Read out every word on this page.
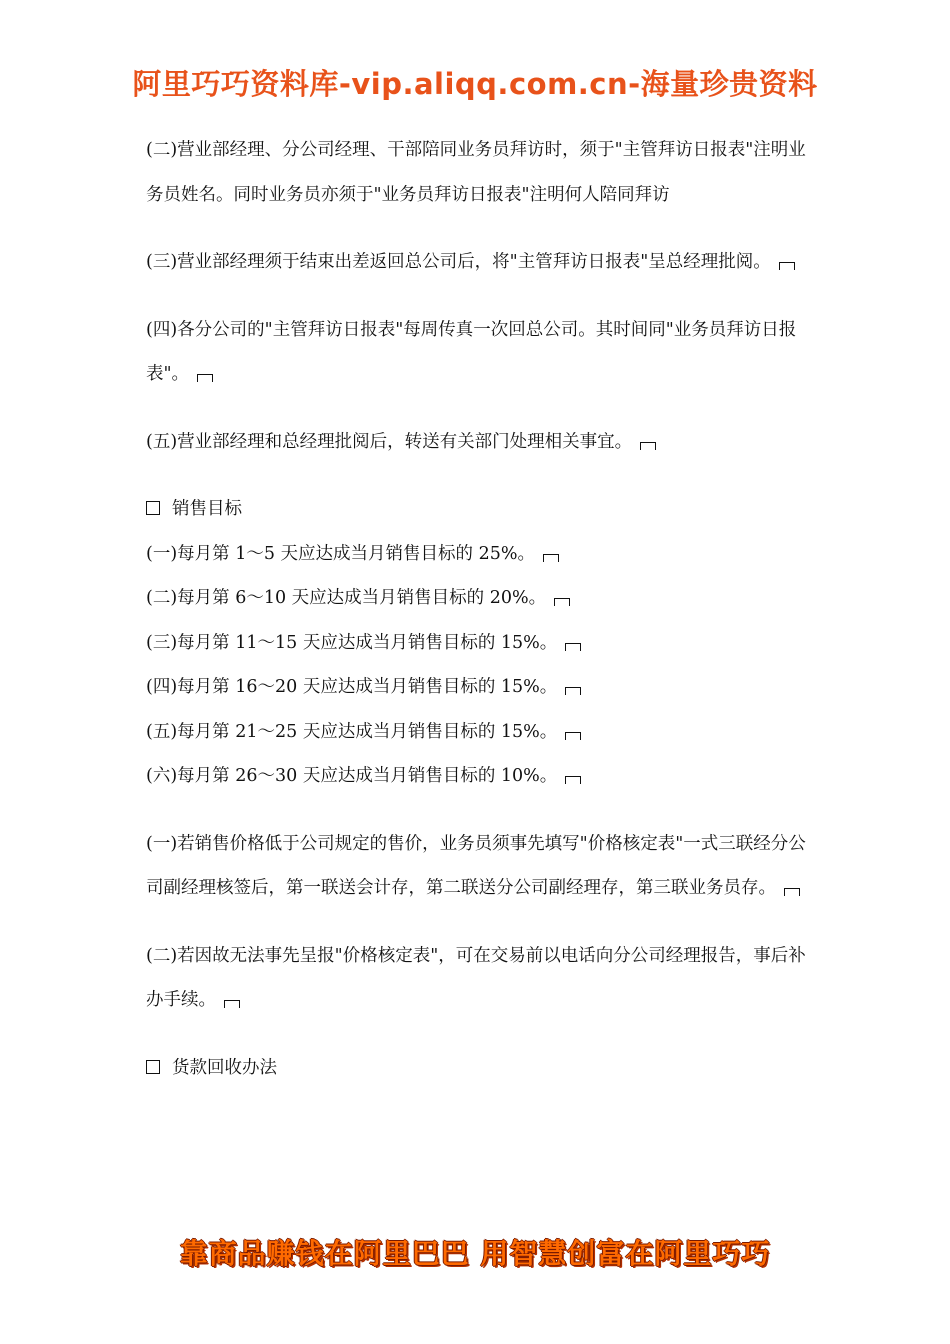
阿里巧巧资料库-vip.aliqq.com.cn-海量珍贵资料

(二)营业部经理、分公司经理、干部陪同业务员拜访时，须于"主管拜访日报表"注明业务员姓名。同时业务员亦须于"业务员拜访日报表"注明何人陪同拜访

(三)营业部经理须于结束出差返回总公司后，将"主管拜访日报表"呈总经理批阅。

(四)各分公司的"主管拜访日报表"每周传真一次回总公司。其时间同"业务员拜访日报表"。

(五)营业部经理和总经理批阅后，转送有关部门处理相关事宜。

销售目标

(一)每月第 1～5 天应达成当月销售目标的 25%。

(二)每月第 6～10 天应达成当月销售目标的 20%。

(三)每月第 11～15 天应达成当月销售目标的 15%。

(四)每月第 16～20 天应达成当月销售目标的 15%。

(五)每月第 21～25 天应达成当月销售目标的 15%。

(六)每月第 26～30 天应达成当月销售目标的 10%。

(一)若销售价格低于公司规定的售价，业务员须事先填写"价格核定表"一式三联经分公司副经理核签后，第一联送会计存，第二联送分公司副经理存，第三联业务员存。

(二)若因故无法事先呈报"价格核定表"，可在交易前以电话向分公司经理报告，事后补办手续。

货款回收办法

靠商品赚钱在阿里巴巴 用智慧创富在阿里巧巧
